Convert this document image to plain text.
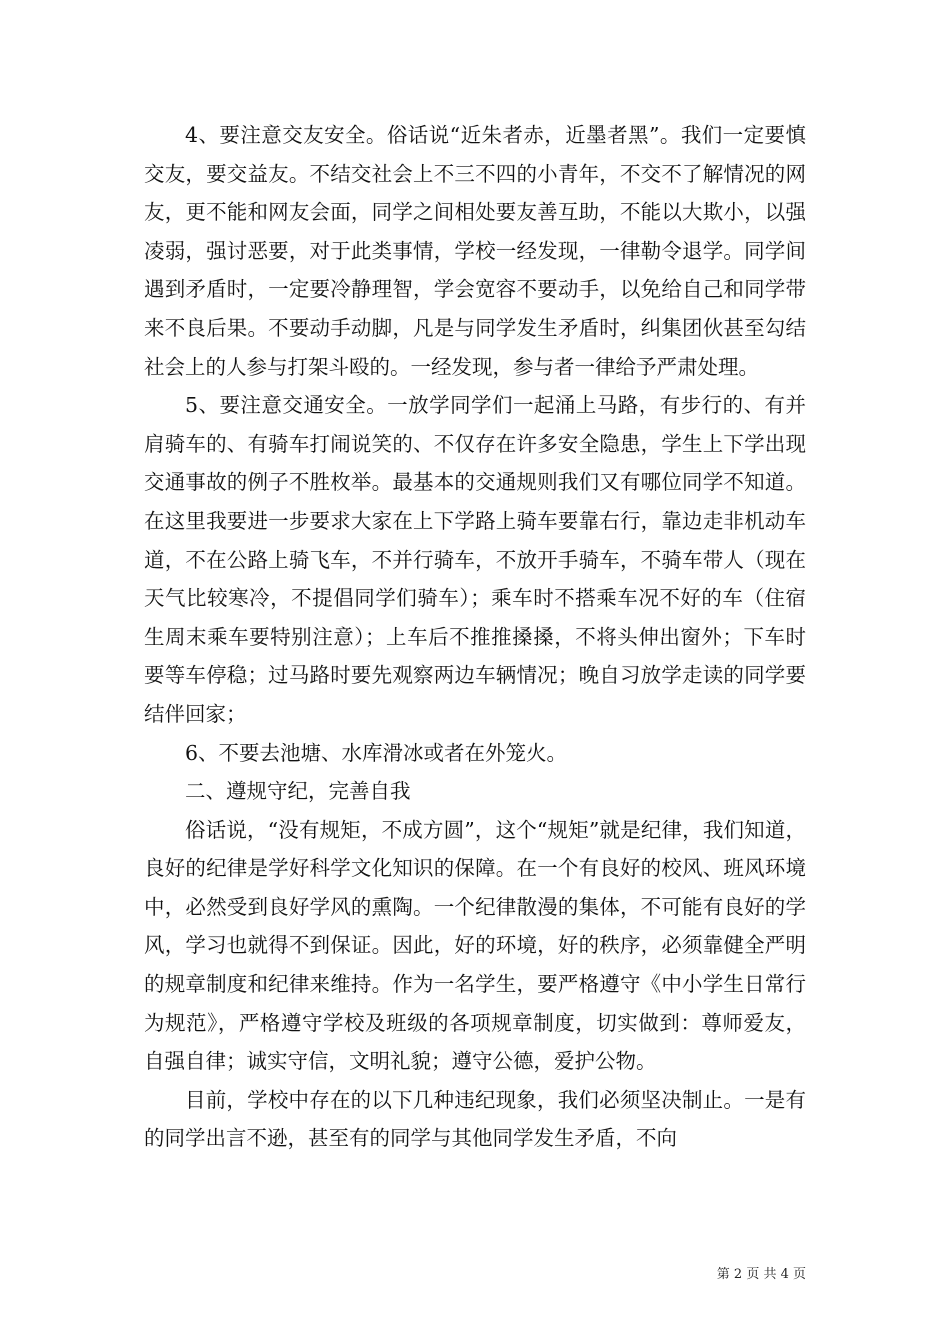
4、要注意交友安全。俗话说“近朱者赤，近墨者黑”。我们一定要慎交友，要交益友。不结交社会上不三不四的小青年，不交不了解情况的网友，更不能和网友会面，同学之间相处要友善互助，不能以大欺小，以强凌弱，强讨恶要，对于此类事情，学校一经发现，一律勒令退学。同学间遇到矛盾时，一定要冷静理智，学会宽容不要动手，以免给自己和同学带来不良后果。不要动手动脚，凡是与同学发生矛盾时，纠集团伙甚至勾结社会上的人参与打架斗殴的。一经发现，参与者一律给予严肃处理。

5、要注意交通安全。一放学同学们一起涌上马路，有步行的、有并肩骑车的、有骑车打闹说笑的、不仅存在许多安全隐患，学生上下学出现交通事故的例子不胜枚举。最基本的交通规则我们又有哪位同学不知道。在这里我要进一步要求大家在上下学路上骑车要靠右行，靠边走非机动车道，不在公路上骑飞车，不并行骑车，不放开手骑车，不骑车带人（现在天气比较寒冷，不提倡同学们骑车）；乘车时不搭乘车况不好的车（住宿生周末乘车要特别注意）；上车后不推推搡搡，不将头伸出窗外；下车时要等车停稳；过马路时要先观察两边车辆情况；晚自习放学走读的同学要结伴回家；

6、不要去池塘、水库滑冰或者在外笼火。

二、遵规守纪，完善自我

俗话说，“没有规矩，不成方圆”，这个“规矩”就是纪律，我们知道，良好的纪律是学好科学文化知识的保障。在一个有良好的校风、班风环境中，必然受到良好学风的熏陶。一个纪律散漫的集体，不可能有良好的学风，学习也就得不到保证。因此，好的环境，好的秩序，必须靠健全严明的规章制度和纪律来维持。作为一名学生，要严格遵守《中小学生日常行为规范》，严格遵守学校及班级的各项规章制度，切实做到：尊师爱友，自强自律；诚实守信，文明礼貌；遵守公德，爱护公物。

目前，学校中存在的以下几种违纪现象，我们必须坚决制止。一是有的同学出言不逊，甚至有的同学与其他同学发生矛盾，不向

第 2 页 共 4 页
